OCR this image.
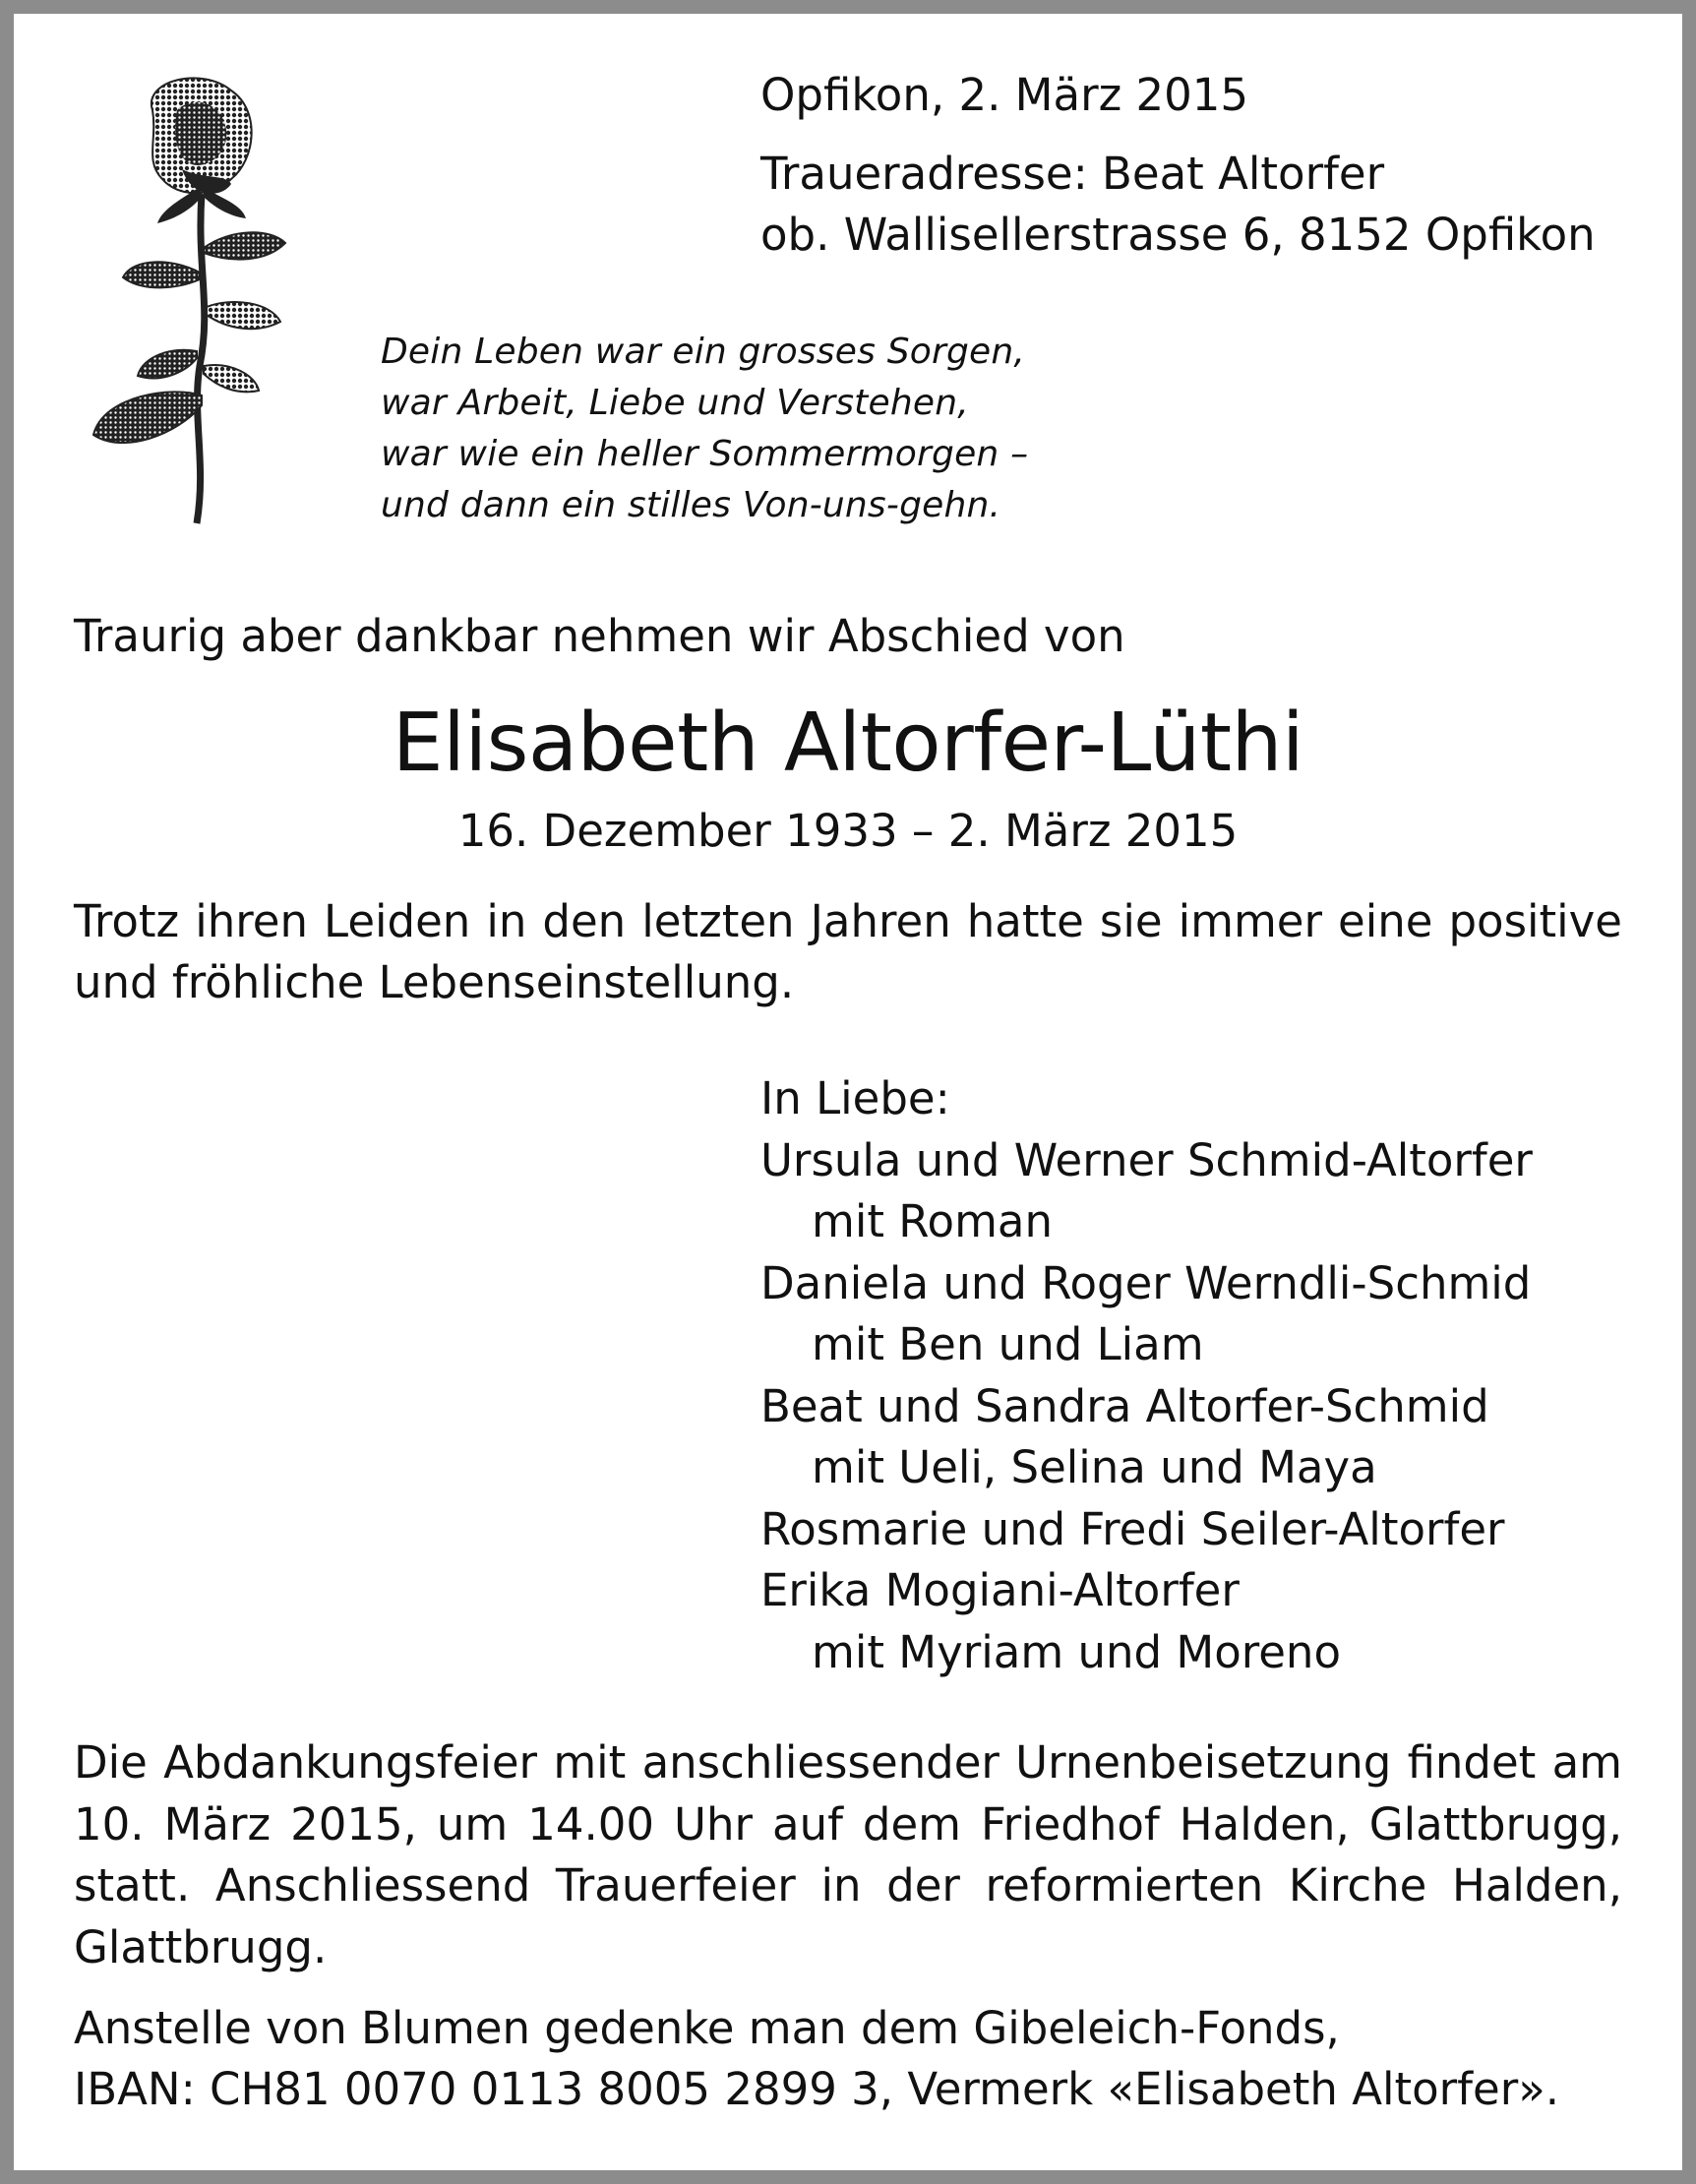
Opfikon, 2. März 2015
Traueradresse: Beat Altorfer
ob. Wallisellerstrasse 6, 8152 Opfikon
Dein Leben war ein grosses Sorgen,
war Arbeit, Liebe und Verstehen,
war wie ein heller Sommermorgen –
und dann ein stilles Von-uns-gehn.
Traurig aber dankbar nehmen wir Abschied von
Elisabeth Altorfer-Lüthi
16. Dezember 1933 – 2. März 2015
Trotz ihren Leiden in den letzten Jahren hatte sie immer eine positive
und fröhliche Lebenseinstellung.
In Liebe:
Ursula und Werner Schmid-Altorfer
mit Roman
Daniela und Roger Werndli-Schmid
mit Ben und Liam
Beat und Sandra Altorfer-Schmid
mit Ueli, Selina und Maya
Rosmarie und Fredi Seiler-Altorfer
Erika Mogiani-Altorfer
mit Myriam und Moreno
Die Abdankungsfeier mit anschliessender Urnenbeisetzung findet am
10. März 2015, um 14.00 Uhr auf dem Friedhof Halden, Glattbrugg,
statt. Anschliessend Trauerfeier in der reformierten Kirche Halden,
Glattbrugg.
Anstelle von Blumen gedenke man dem Gibeleich-Fonds,
IBAN: CH81 0070 0113 8005 2899 3, Vermerk «Elisabeth Altorfer».
